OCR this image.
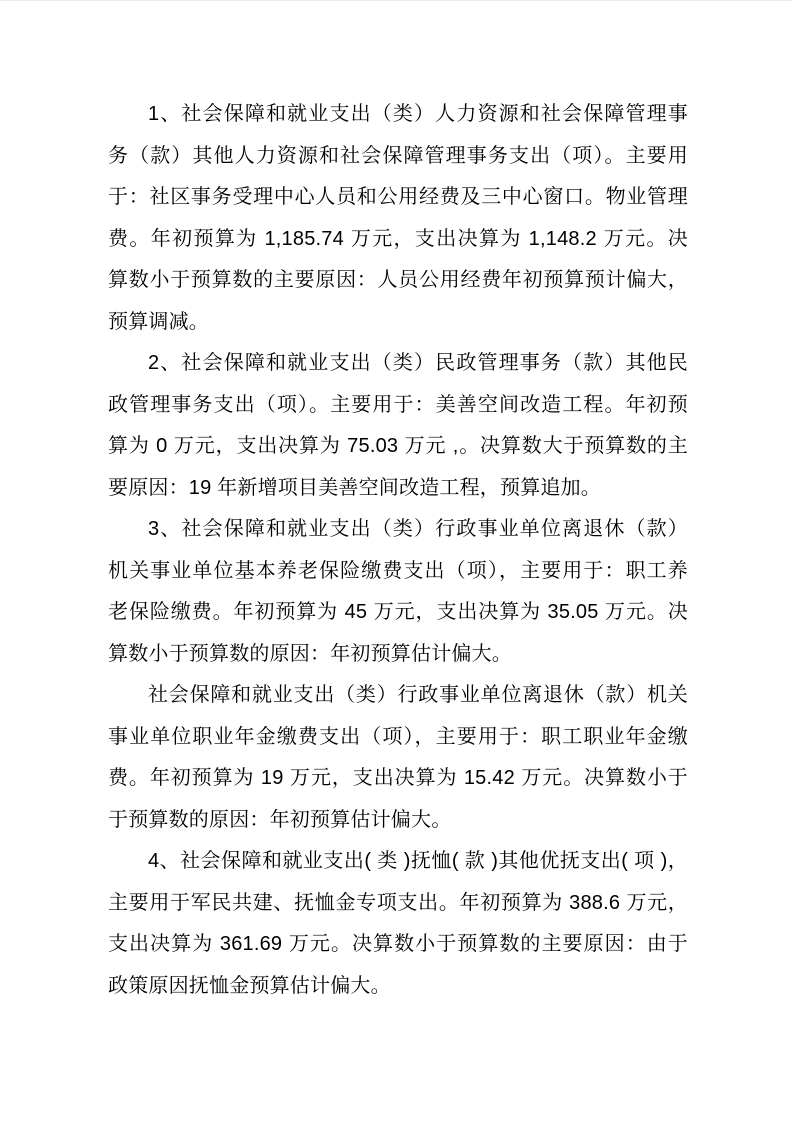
1、社会保障和就业支出（类）人力资源和社会保障管理事
务（款）其他人力资源和社会保障管理事务支出（项）。主要用
于：社区事务受理中心人员和公用经费及三中心窗口。物业管理
费。年初预算为 1,185.74 万元，支出决算为 1,148.2 万元。决
算数小于预算数的主要原因：人员公用经费年初预算预计偏大，
预算调减。
2、社会保障和就业支出（类）民政管理事务（款）其他民
政管理事务支出（项）。主要用于：美善空间改造工程。年初预
算为 0 万元，支出决算为 75.03 万元 ,。决算数大于预算数的主
要原因：19 年新增项目美善空间改造工程，预算追加。
3、社会保障和就业支出（类）行政事业单位离退休（款）
机关事业单位基本养老保险缴费支出（项），主要用于：职工养
老保险缴费。年初预算为 45 万元，支出决算为 35.05 万元。决
算数小于预算数的原因：年初预算估计偏大。
社会保障和就业支出（类）行政事业单位离退休（款）机关
事业单位职业年金缴费支出（项），主要用于：职工职业年金缴
费。年初预算为 19 万元，支出决算为 15.42 万元。决算数小于
于预算数的原因：年初预算估计偏大。
4、社会保障和就业支出( 类 )抚恤( 款 )其他优抚支出( 项 )，
主要用于军民共建、抚恤金专项支出。年初预算为 388.6 万元，
支出决算为 361.69 万元。决算数小于预算数的主要原因：由于
政策原因抚恤金预算估计偏大。
